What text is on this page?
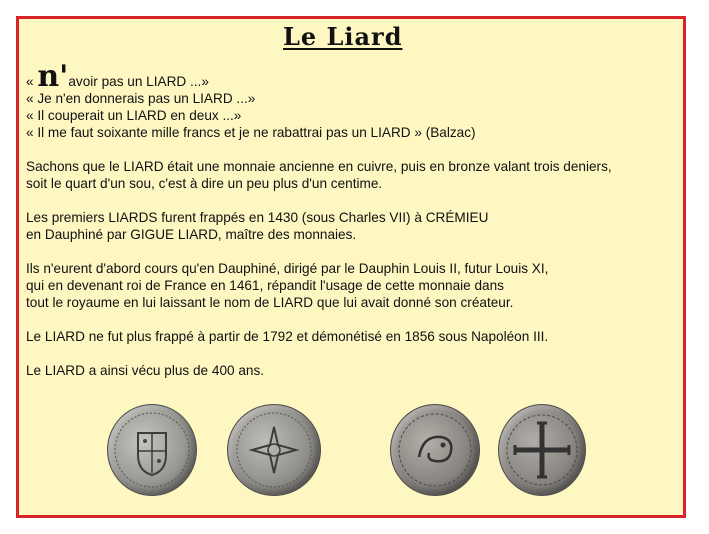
Le Liard

« n'avoir pas un LIARD ...»

« Je n'en donnerais pas un LIARD ...»

« Il couperait un LIARD en deux ...»

« Il me faut soixante mille francs et je ne rabattrai pas un LIARD » (Balzac)

Sachons que le LIARD était une monnaie ancienne en cuivre, puis en bronze valant trois deniers,

soit le quart d'un sou, c'est à dire un peu plus d'un centime.

Les premiers LIARDS furent frappés en 1430 (sous Charles VII) à CRÉMIEU

en Dauphiné par GIGUE LIARD, maître des monnaies.

Ils n'eurent d'abord cours qu'en Dauphiné, dirigé par le Dauphin Louis II, futur Louis XI,

qui en devenant roi de France en 1461, répandit l'usage de cette monnaie dans

tout le royaume en lui laissant le nom de LIARD que lui avait donné son créateur.

Le LIARD ne fut plus frappé à partir de 1792 et démonétisé en 1856 sous Napoléon III.

Le LIARD a ainsi vécu plus de 400 ans.
